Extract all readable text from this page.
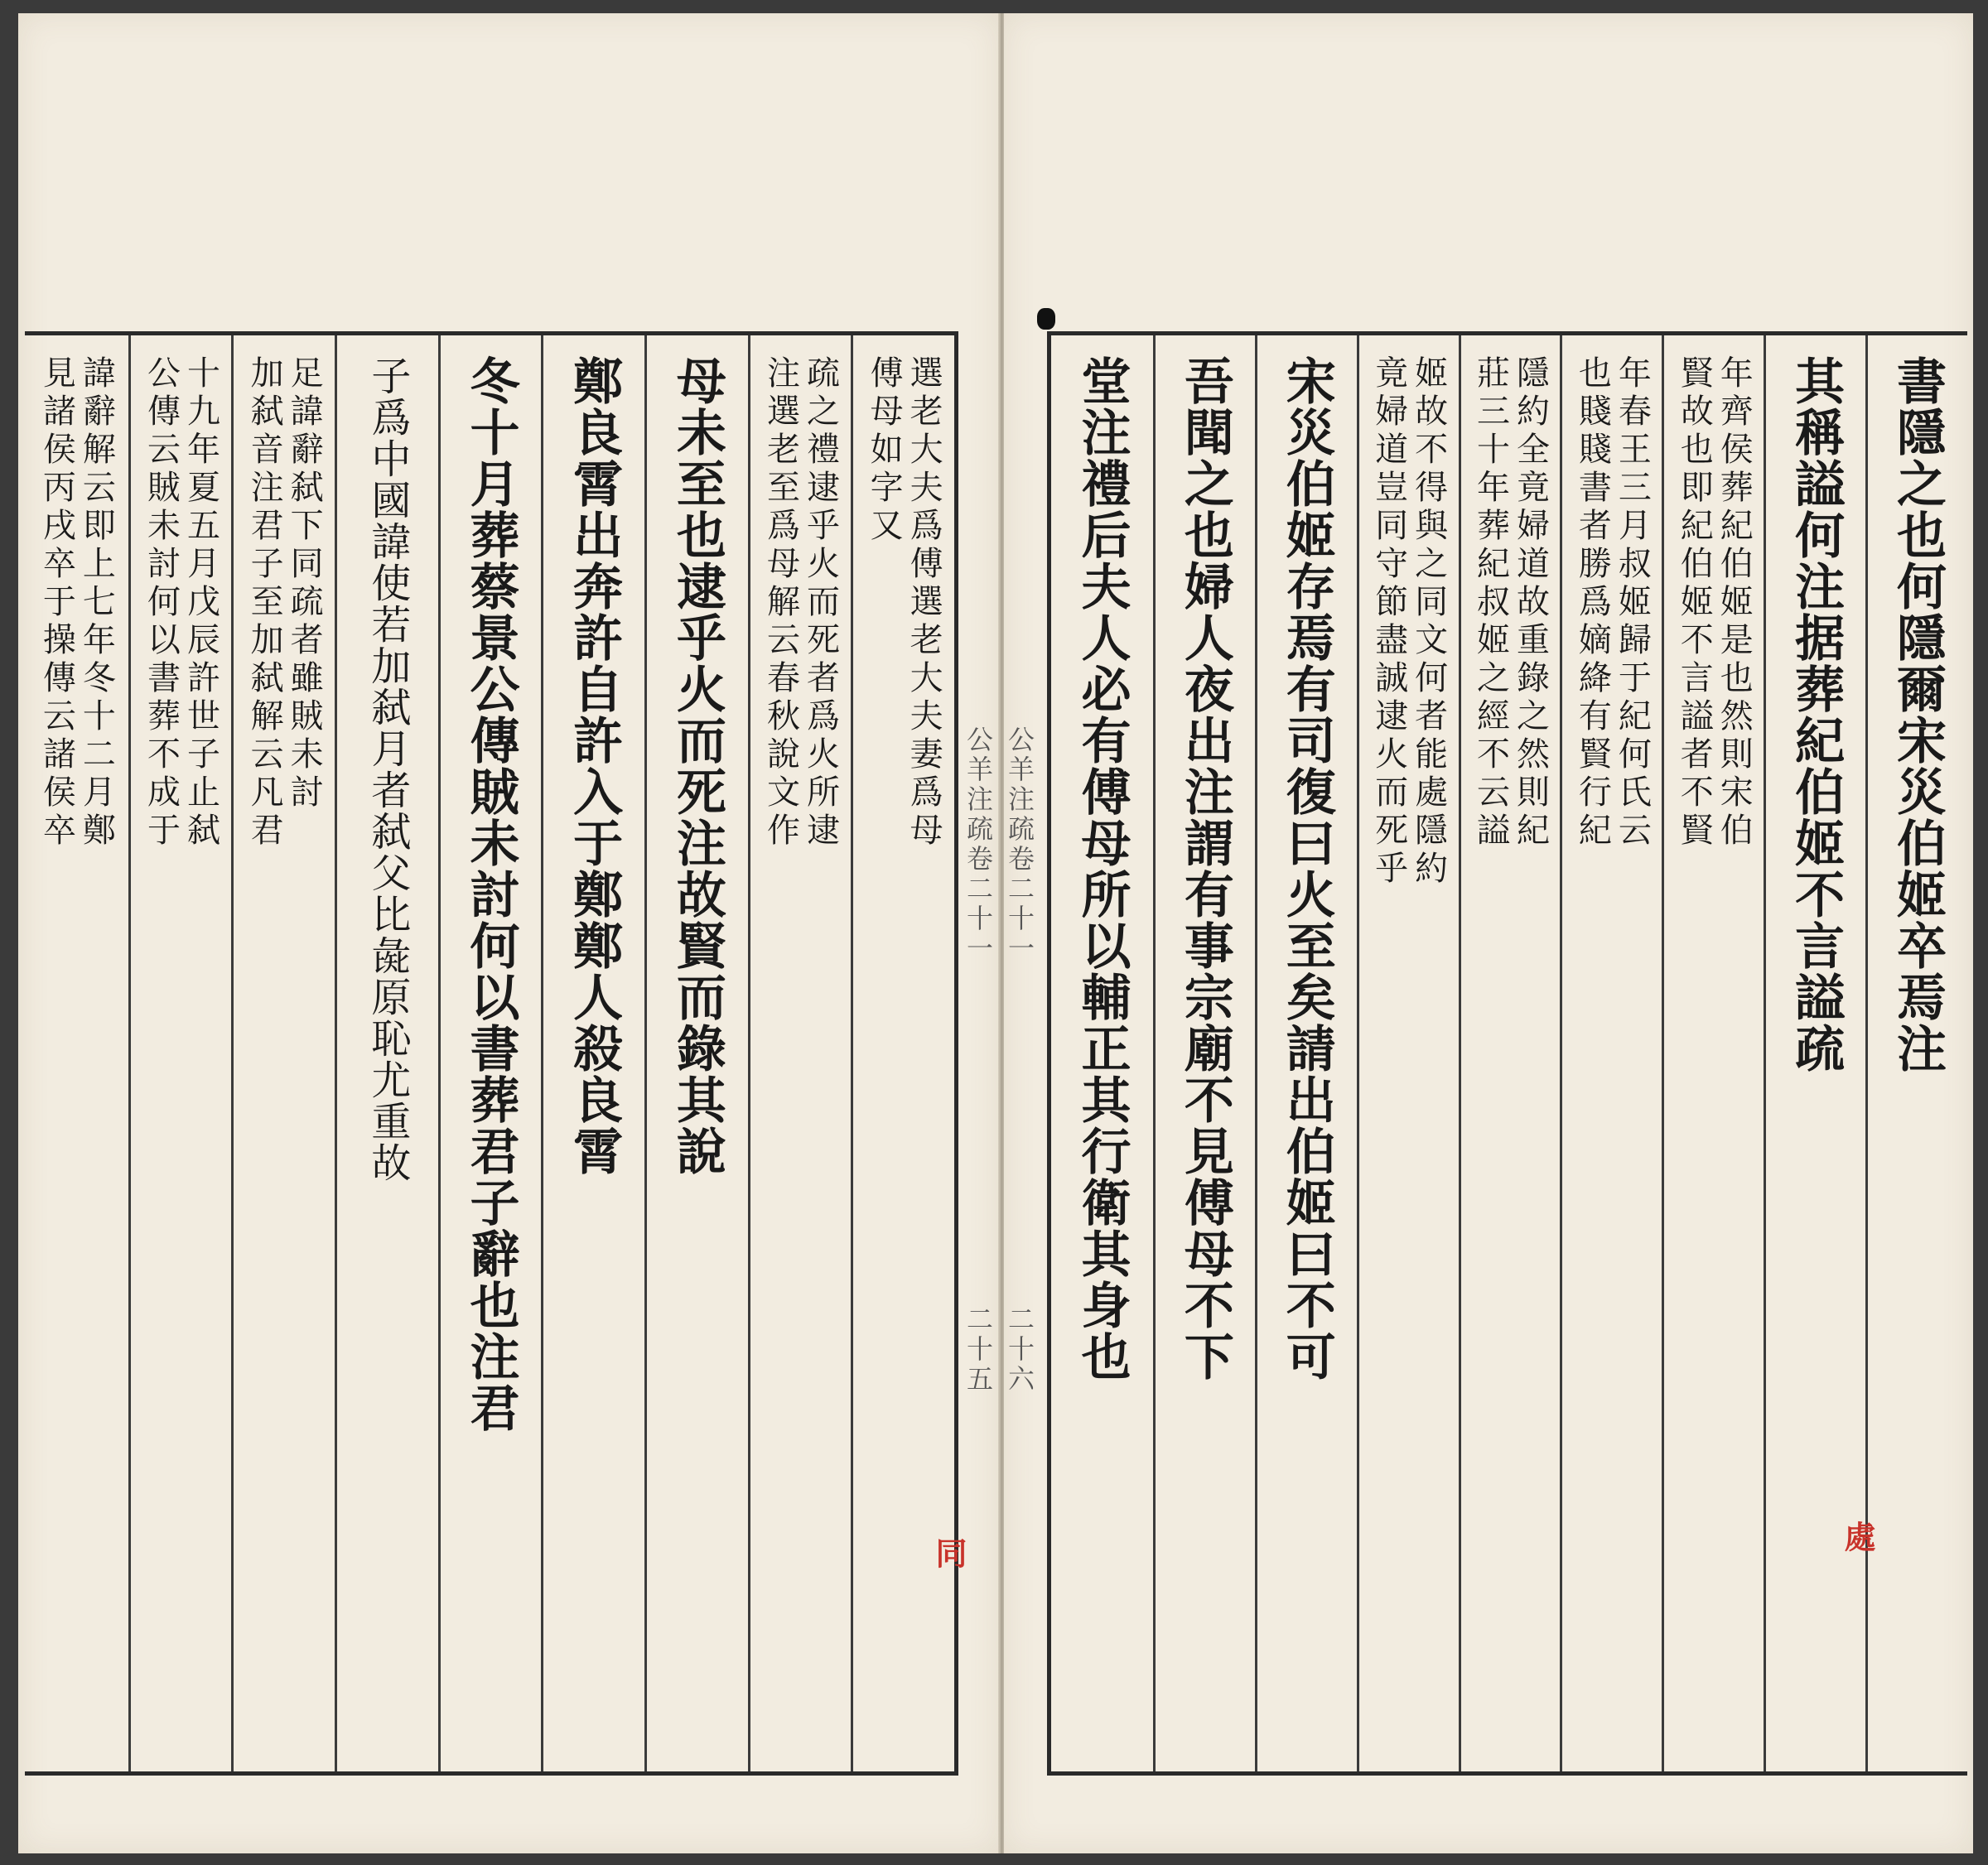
選老大夫爲傅選老大夫妻爲母
傅母如字又
疏之禮逮乎火而死者爲火所逮
注選老至爲母解云春秋說文作
母未至也逮乎火而死注故賢而錄其說
鄭良霄出奔許自許入于鄭鄭人殺良霄
冬十月葬蔡景公傳賊未討何以書葬君子辭也注君
子爲中國諱使若加弑月者弑父比彘原恥尤重故
足諱辭弑下同疏者雖賊未討
加弑音注君子至加弑解云凡君
十九年夏五月戊辰許世子止弑
公傳云賊未討何以書葬不成于
諱辭解云即上七年冬十二月鄭
見諸侯丙戌卒于操傳云諸侯卒	公羊注疏卷二十一
二十五
同
書隱之也何隱爾宋災伯姬卒焉注
其稱謚何注据葬紀伯姬不言謚疏
年齊侯葬紀伯姬是也然則宋伯
賢故也即紀伯姬不言謚者不賢
年春王三月叔姬歸于紀何氏云
也賤賤書者勝爲嫡絳有賢行紀
隱約全竟婦道故重錄之然則紀
莊三十年葬紀叔姬之經不云謚
姬故不得與之同文何者能處隱約
竟婦道豈同守節盡誠逮火而死乎
宋災伯姬存焉有司復曰火至矣請出伯姬曰不可
吾聞之也婦人夜出注謂有事宗廟不見傅母不下
堂注禮后夫人必有傅母所以輔正其行衛其身也
公羊注疏卷二十一
二十六
處
